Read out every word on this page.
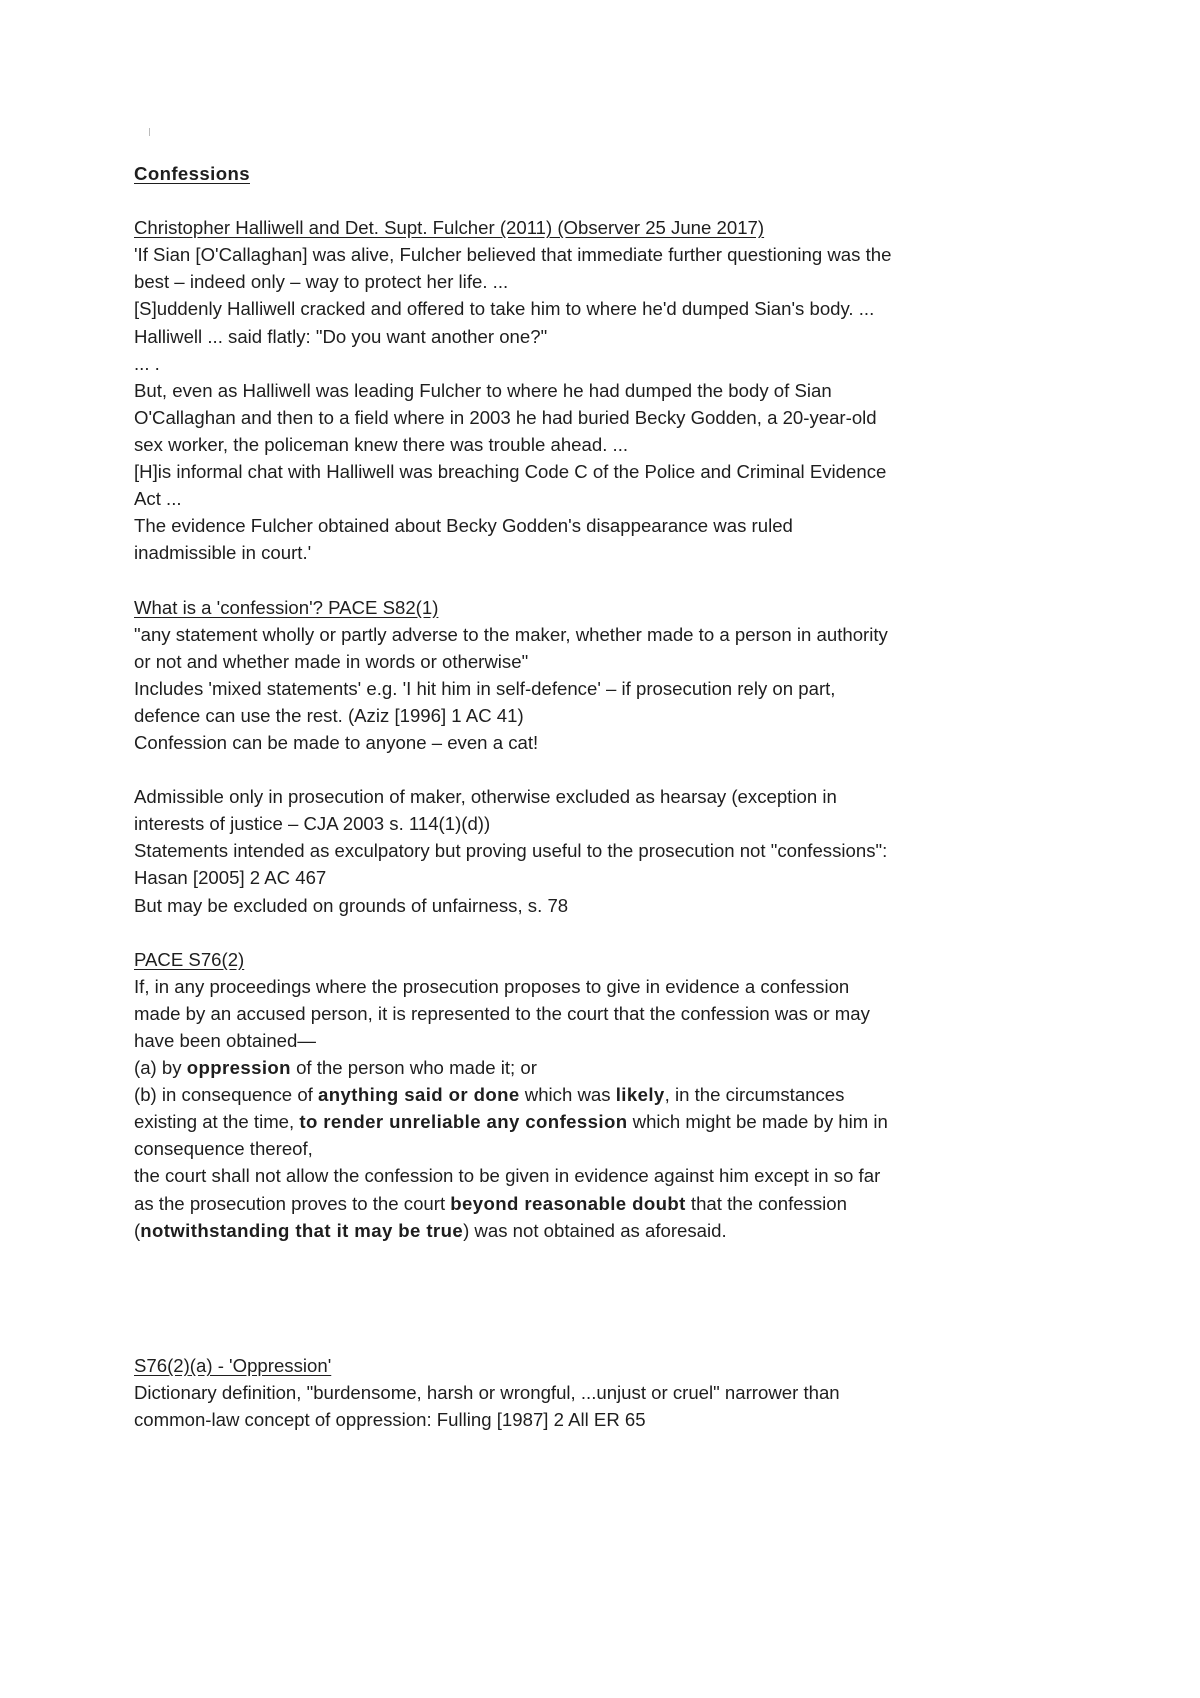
Confessions
Christopher Halliwell and Det. Supt. Fulcher (2011) (Observer 25 June 2017)
'If Sian [O'Callaghan] was alive, Fulcher believed that immediate further questioning was the
best – indeed only – way to protect her life. ...
[S]uddenly Halliwell cracked and offered to take him to where he'd dumped Sian's body. ...
Halliwell ... said flatly: "Do you want another one?"
... .
But, even as Halliwell was leading Fulcher to where he had dumped the body of Sian
O'Callaghan and then to a field where in 2003 he had buried Becky Godden, a 20-year-old
sex worker, the policeman knew there was trouble ahead. ...
[H]is informal chat with Halliwell was breaching Code C of the Police and Criminal Evidence
Act ...
The evidence Fulcher obtained about Becky Godden's disappearance was ruled
inadmissible in court.'
What is a 'confession'? PACE S82(1)
"any statement wholly or partly adverse to the maker, whether made to a person in authority
or not and whether made in words or otherwise"
Includes 'mixed statements' e.g. 'I hit him in self-defence' – if prosecution rely on part,
defence can use the rest. (Aziz [1996] 1 AC 41)
Confession can be made to anyone – even a cat!
Admissible only in prosecution of maker, otherwise excluded as hearsay (exception in
interests of justice – CJA 2003 s. 114(1)(d))
Statements intended as exculpatory but proving useful to the prosecution not "confessions":
Hasan [2005] 2 AC 467
But may be excluded on grounds of unfairness, s. 78
PACE S76(2)
If, in any proceedings where the prosecution proposes to give in evidence a confession
made by an accused person, it is represented to the court that the confession was or may
have been obtained—
(a) by oppression of the person who made it; or
(b) in consequence of anything said or done which was likely, in the circumstances
existing at the time, to render unreliable any confession which might be made by him in
consequence thereof,
the court shall not allow the confession to be given in evidence against him except in so far
as the prosecution proves to the court beyond reasonable doubt that the confession
(notwithstanding that it may be true) was not obtained as aforesaid.
S76(2)(a) - 'Oppression'
Dictionary definition, "burdensome, harsh or wrongful, ...unjust or cruel" narrower than
common-law concept of oppression: Fulling [1987] 2 All ER 65
